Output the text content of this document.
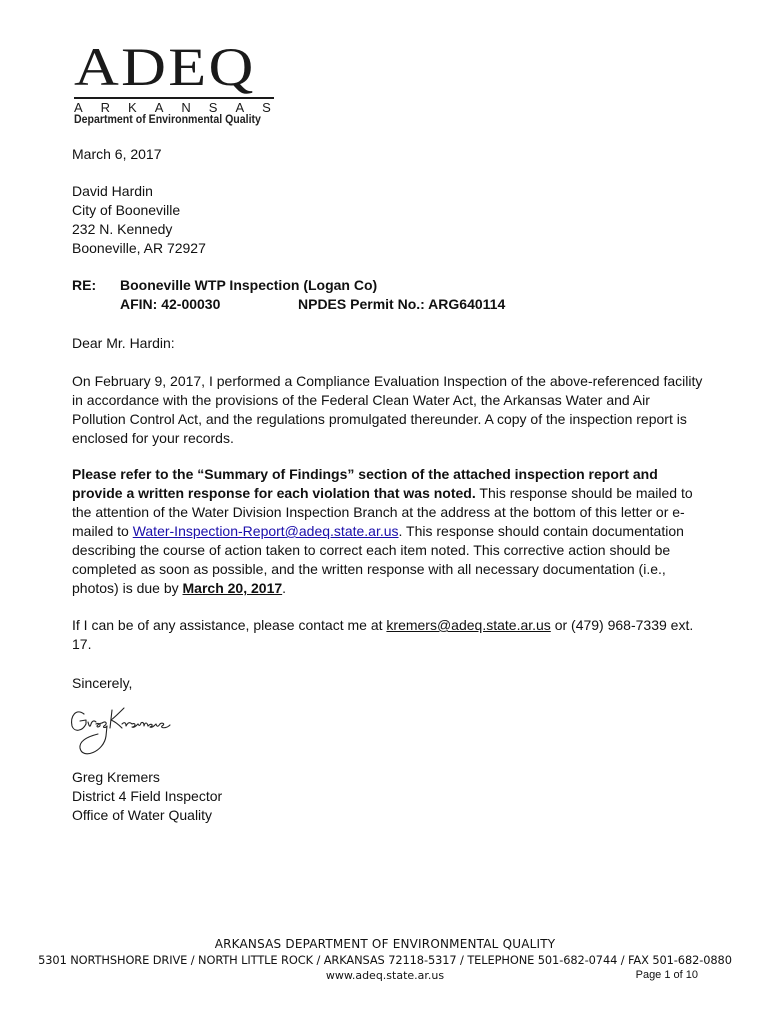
ADEQ
ARKANSAS
Department of Environmental Quality
March 6, 2017
David Hardin
City of Booneville
232 N. Kennedy
Booneville, AR 72927
RE: Booneville WTP Inspection (Logan Co)
AFIN: 42-00030	NPDES Permit No.: ARG640114
Dear Mr. Hardin:
On February 9, 2017, I performed a Compliance Evaluation Inspection of the above-referenced facility
in accordance with the provisions of the Federal Clean Water Act, the Arkansas Water and Air
Pollution Control Act, and the regulations promulgated thereunder. A copy of the inspection report is
enclosed for your records.
Please refer to the “Summary of Findings” section of the attached inspection report and
provide a written response for each violation that was noted. This response should be mailed to
the attention of the Water Division Inspection Branch at the address at the bottom of this letter or e-
mailed to Water-Inspection-Report@adeq.state.ar.us. This response should contain documentation
describing the course of action taken to correct each item noted. This corrective action should be
completed as soon as possible, and the written response with all necessary documentation (i.e.,
photos) is due by March 20, 2017.
If I can be of any assistance, please contact me at kremers@adeq.state.ar.us or (479) 968-7339 ext.
17.
Sincerely,
Greg Kremers
District 4 Field Inspector
Office of Water Quality
ARKANSAS DEPARTMENT OF ENVIRONMENTAL QUALITY
5301 NORTHSHORE DRIVE / NORTH LITTLE ROCK / ARKANSAS 72118-5317 / TELEPHONE 501-682-0744 / FAX 501-682-0880
www.adeq.state.ar.us	Page 1 of 10
